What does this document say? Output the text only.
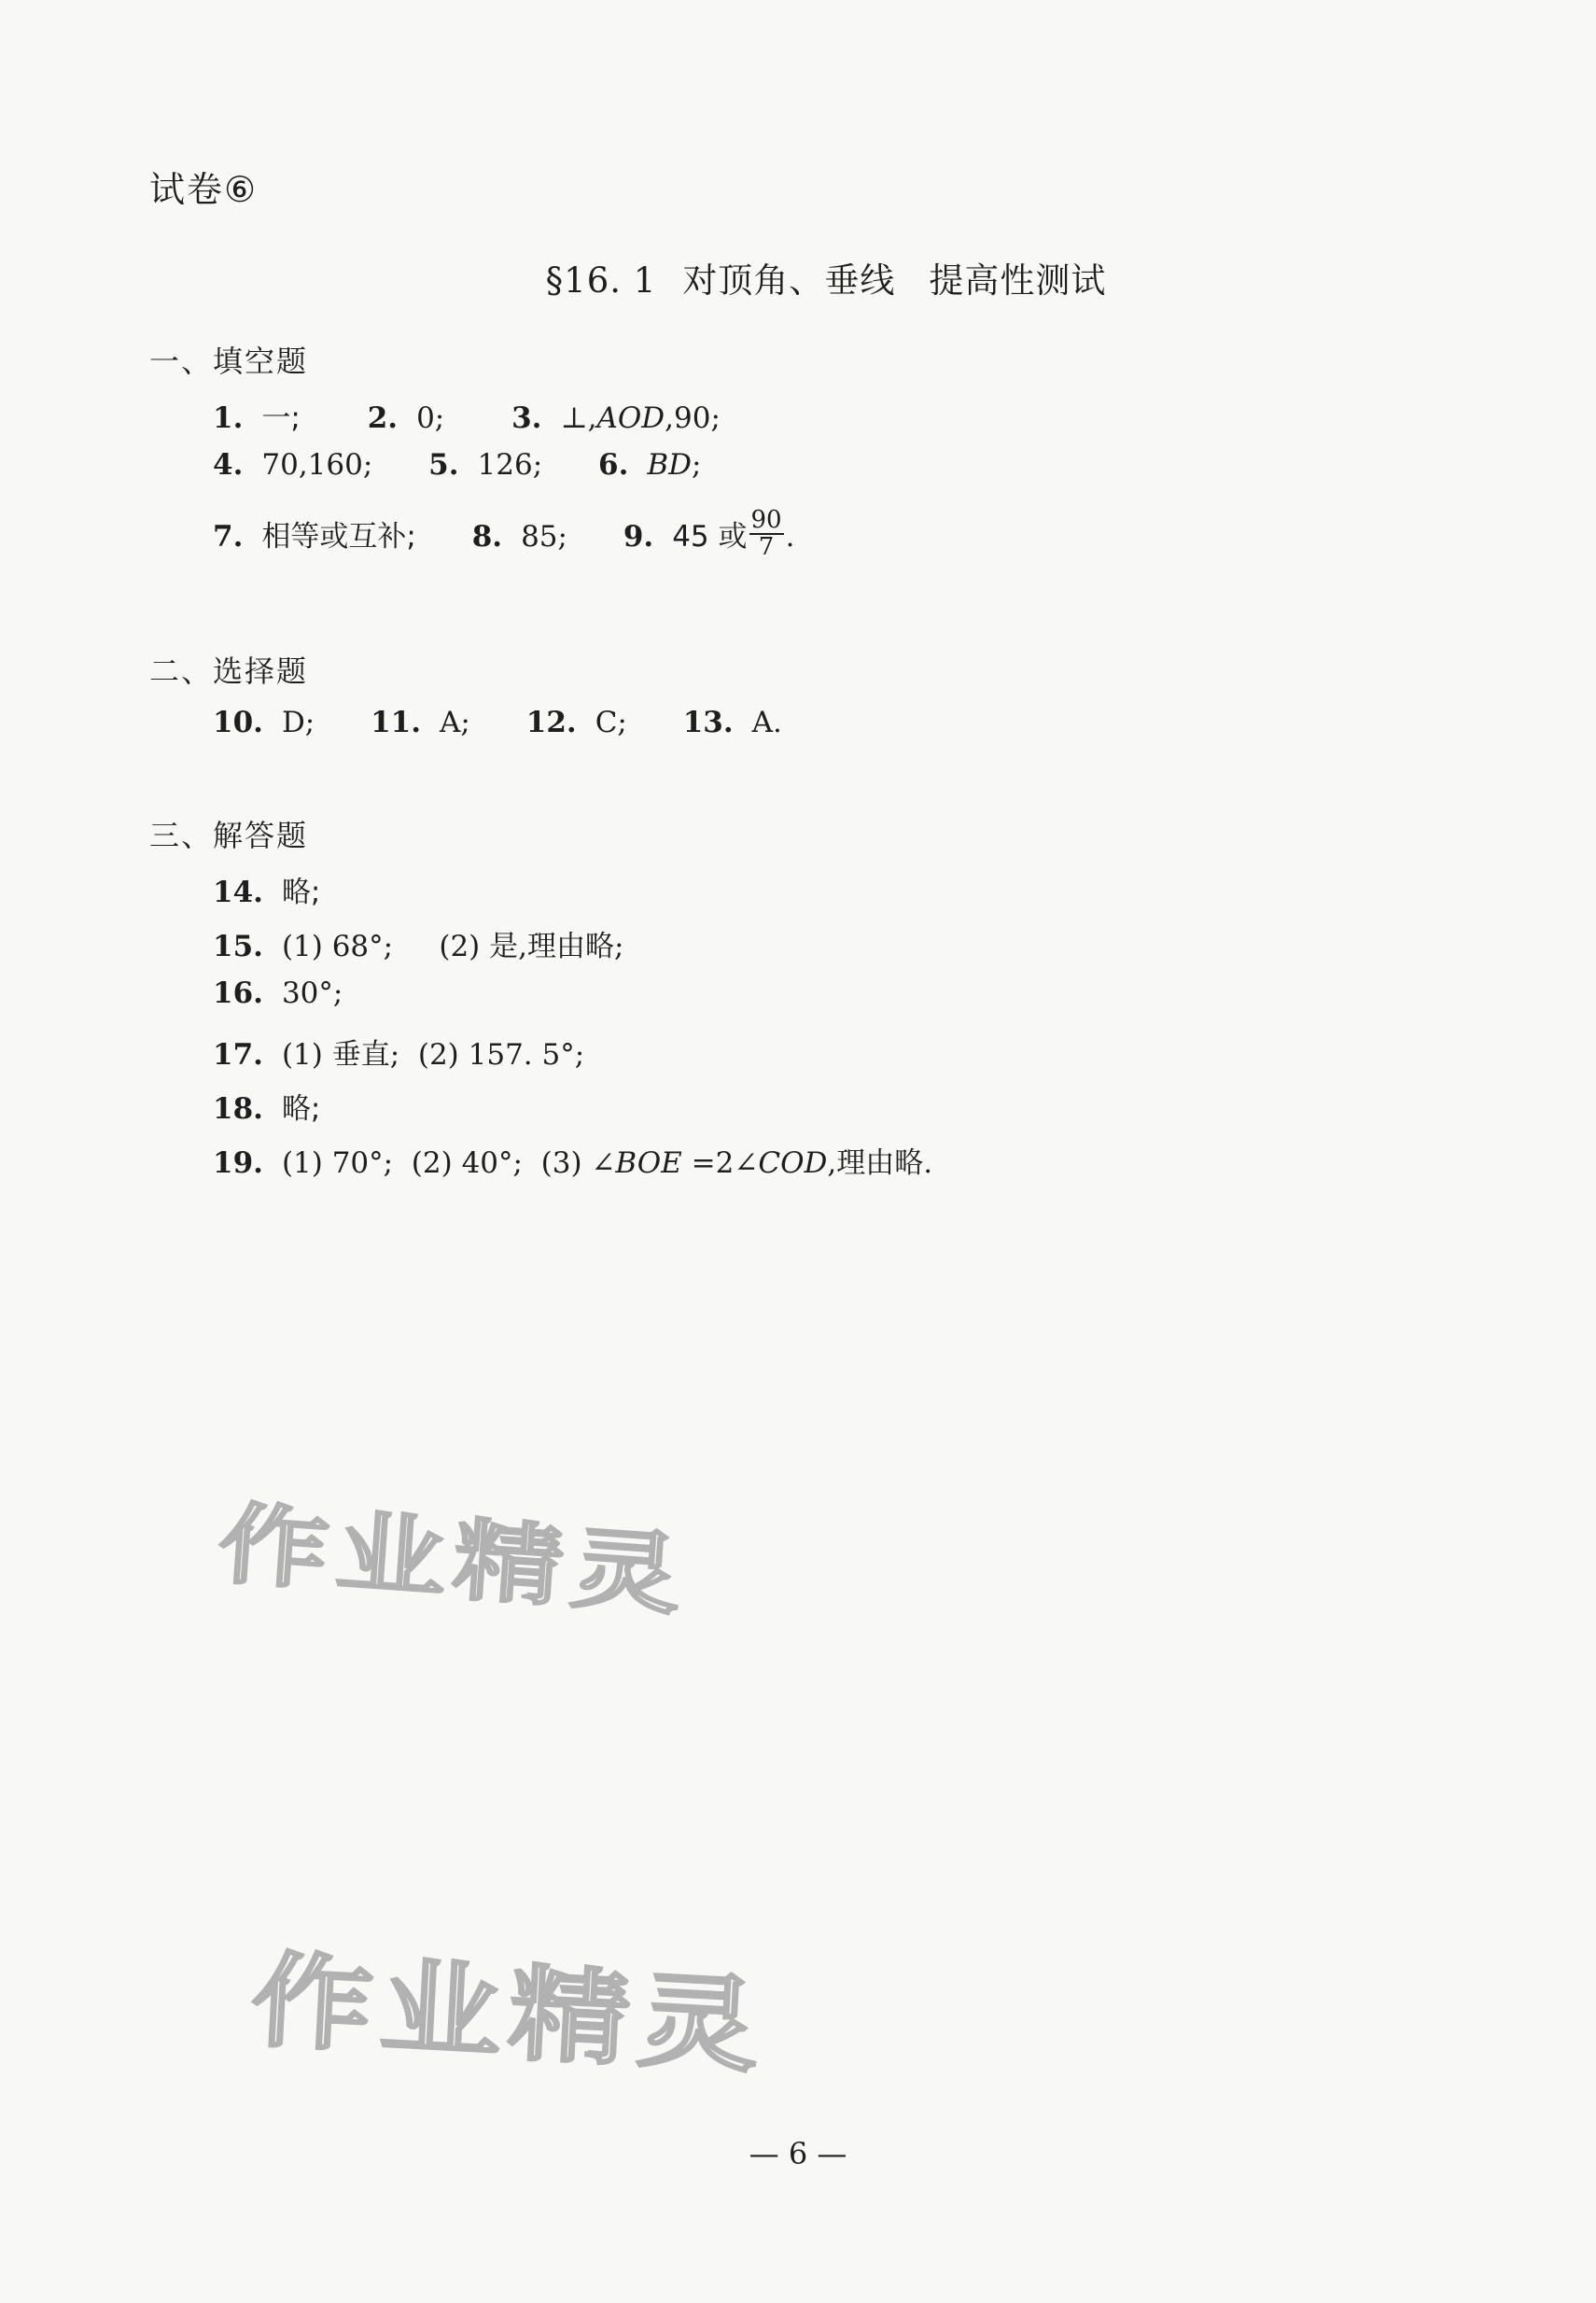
试卷⑥
§16. 1 对顶角、垂线 提高性测试
一、填空题
1. 一; 2. 0; 3. ⊥,AOD,90;
4. 70,160; 5. 126; 6. BD;
7. 相等或互补; 8. 85; 9. 45 或 $\frac{90}{7}$ .
二、选择题
10. D; 11. A; 12. C; 13. A.
三、解答题
14. 略;
15. (1) 68°;     (2) 是,理由略;
16. 30°;
17. (1) 垂直;  (2) 157. 5°;
18. 略;
19. (1) 70°;  (2) 40°;  (3) ∠BOE =2∠COD,理由略.
作业精灵
作业精灵
— 6 —
